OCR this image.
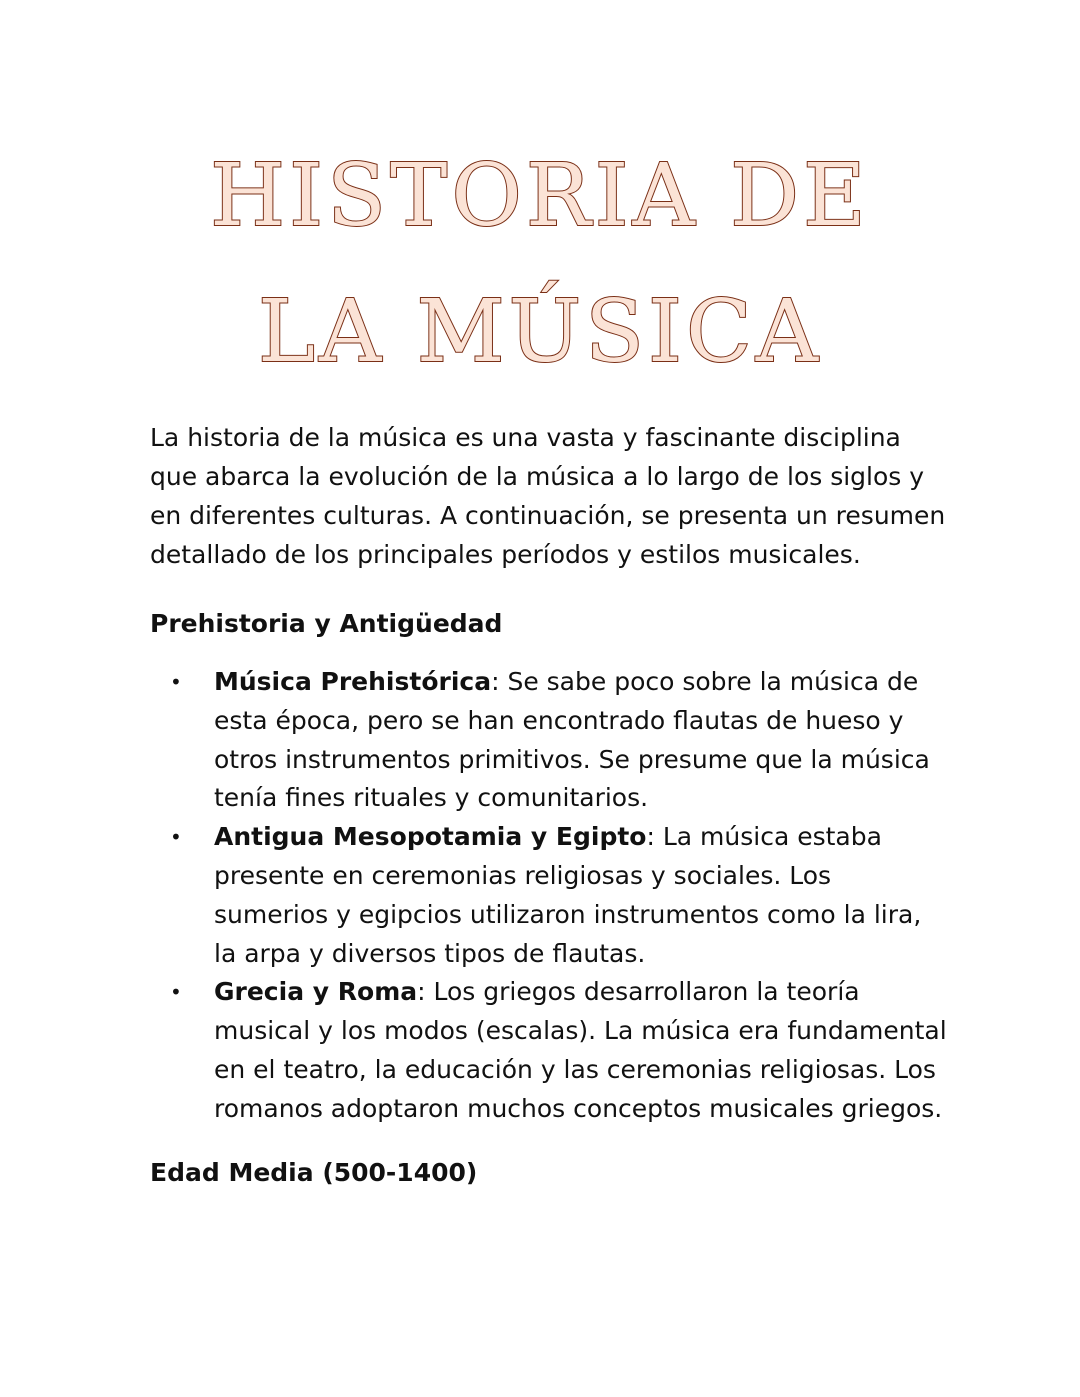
HISTORIA DE
LA MÚSICA

La historia de la música es una vasta y fascinante disciplina que abarca la evolución de la música a lo largo de los siglos y en diferentes culturas. A continuación, se presenta un resumen detallado de los principales períodos y estilos musicales.

Prehistoria y Antigüedad
• Música Prehistórica: Se sabe poco sobre la música de esta época, pero se han encontrado flautas de hueso y otros instrumentos primitivos. Se presume que la música tenía fines rituales y comunitarios.
• Antigua Mesopotamia y Egipto: La música estaba presente en ceremonias religiosas y sociales. Los sumerios y egipcios utilizaron instrumentos como la lira, la arpa y diversos tipos de flautas.
• Grecia y Roma: Los griegos desarrollaron la teoría musical y los modos (escalas). La música era fundamental en el teatro, la educación y las ceremonias religiosas. Los romanos adoptaron muchos conceptos musicales griegos.
Edad Media (500-1400)
